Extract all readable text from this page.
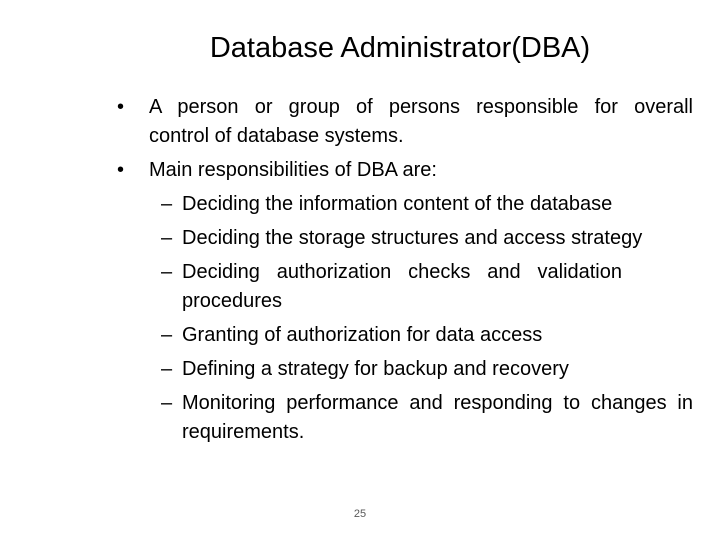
Database Administrator(DBA)
• A person or group of persons responsible for overall
control of database systems.
• Main responsibilities of DBA are:
– Deciding the information content of the database
– Deciding the storage structures and access strategy
– Deciding authorization checks and validation procedures
– Granting of authorization for data access
– Defining a strategy for backup and recovery
– Monitoring performance and responding to changes in requirements.
25
